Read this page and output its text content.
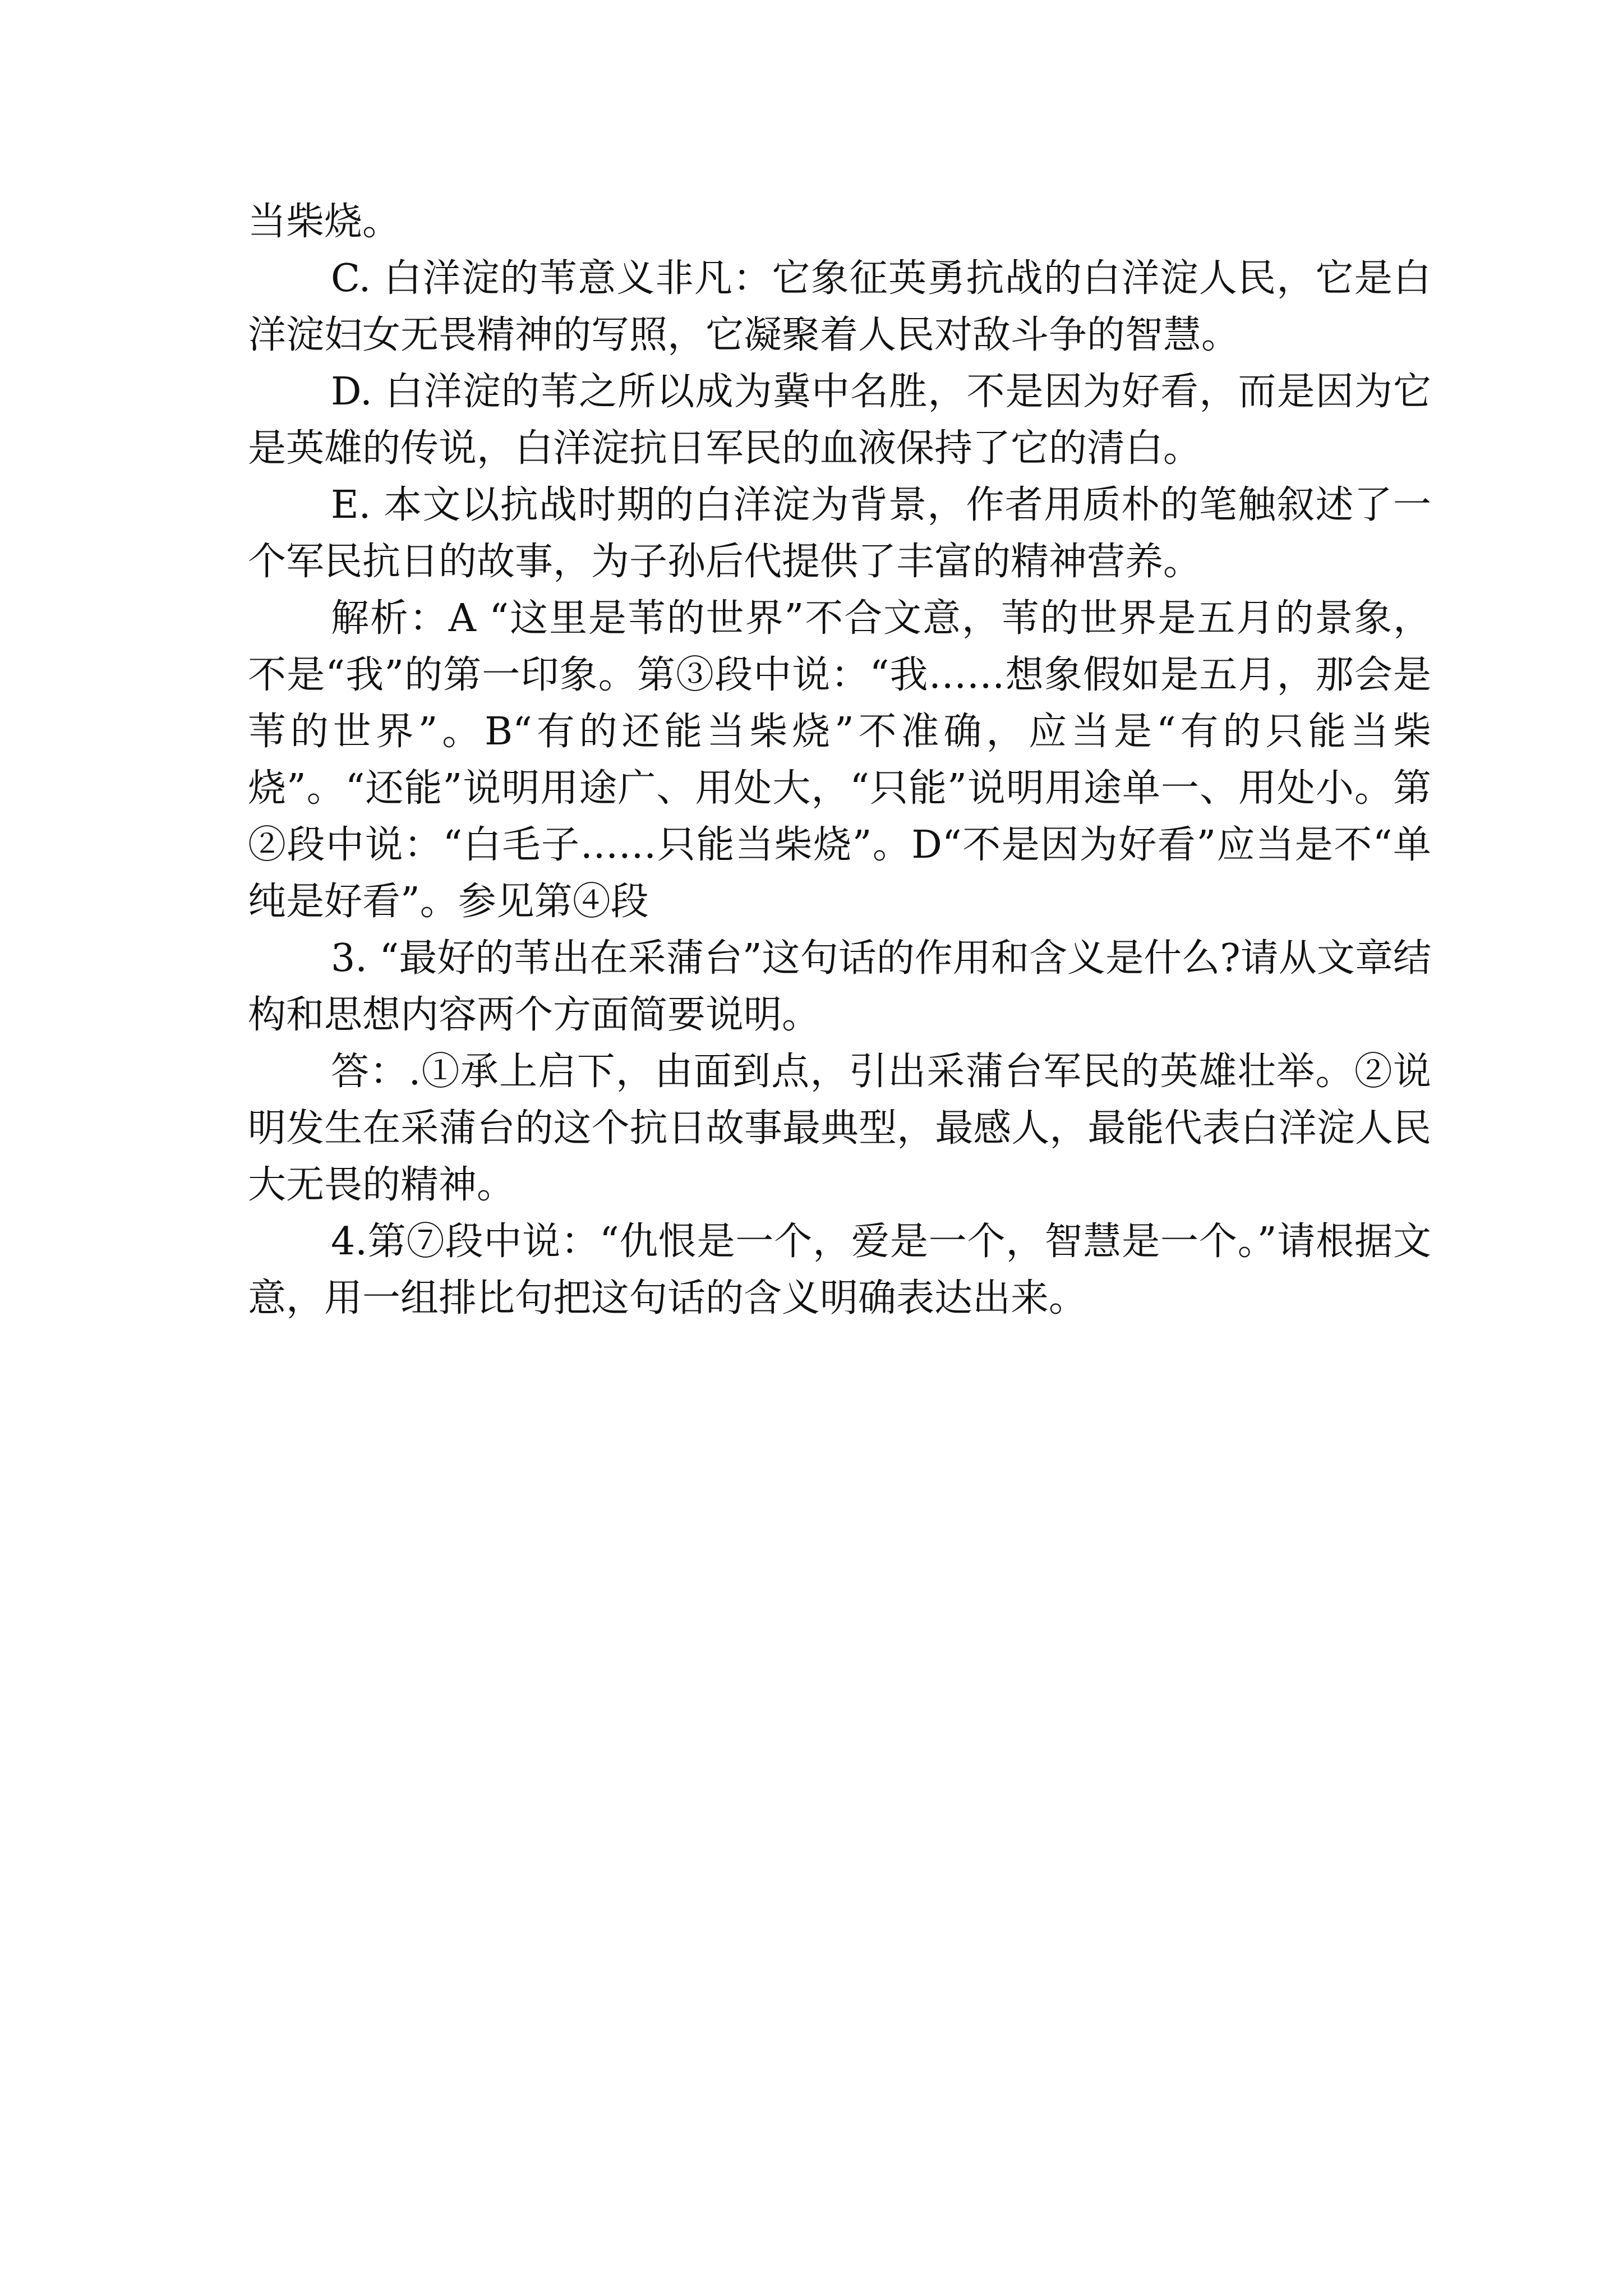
当柴烧。

C. 白洋淀的苇意义非凡：它象征英勇抗战的白洋淀人民，它是白洋淀妇女无畏精神的写照，它凝聚着人民对敌斗争的智慧。

D. 白洋淀的苇之所以成为冀中名胜，不是因为好看，而是因为它是英雄的传说，白洋淀抗日军民的血液保持了它的清白。

E. 本文以抗战时期的白洋淀为背景，作者用质朴的笔触叙述了一个军民抗日的故事，为子孙后代提供了丰富的精神营养。

解析：A “这里是苇的世界”不合文意，苇的世界是五月的景象，不是“我”的第一印象。第③段中说：“我……想象假如是五月，那会是苇的世界”。B“有的还能当柴烧”不准确，应当是“有的只能当柴烧”。“还能”说明用途广、用处大，“只能”说明用途单一、用处小。第②段中说：“白毛子……只能当柴烧”。D“不是因为好看”应当是不“单纯是好看”。参见第④段

3. “最好的苇出在采蒲台”这句话的作用和含义是什么?请从文章结构和思想内容两个方面简要说明。

答：.①承上启下，由面到点，引出采蒲台军民的英雄壮举。②说明发生在采蒲台的这个抗日故事最典型，最感人，最能代表白洋淀人民大无畏的精神。

4.第⑦段中说：“仇恨是一个，爱是一个，智慧是一个。”请根据文意，用一组排比句把这句话的含义明确表达出来。
